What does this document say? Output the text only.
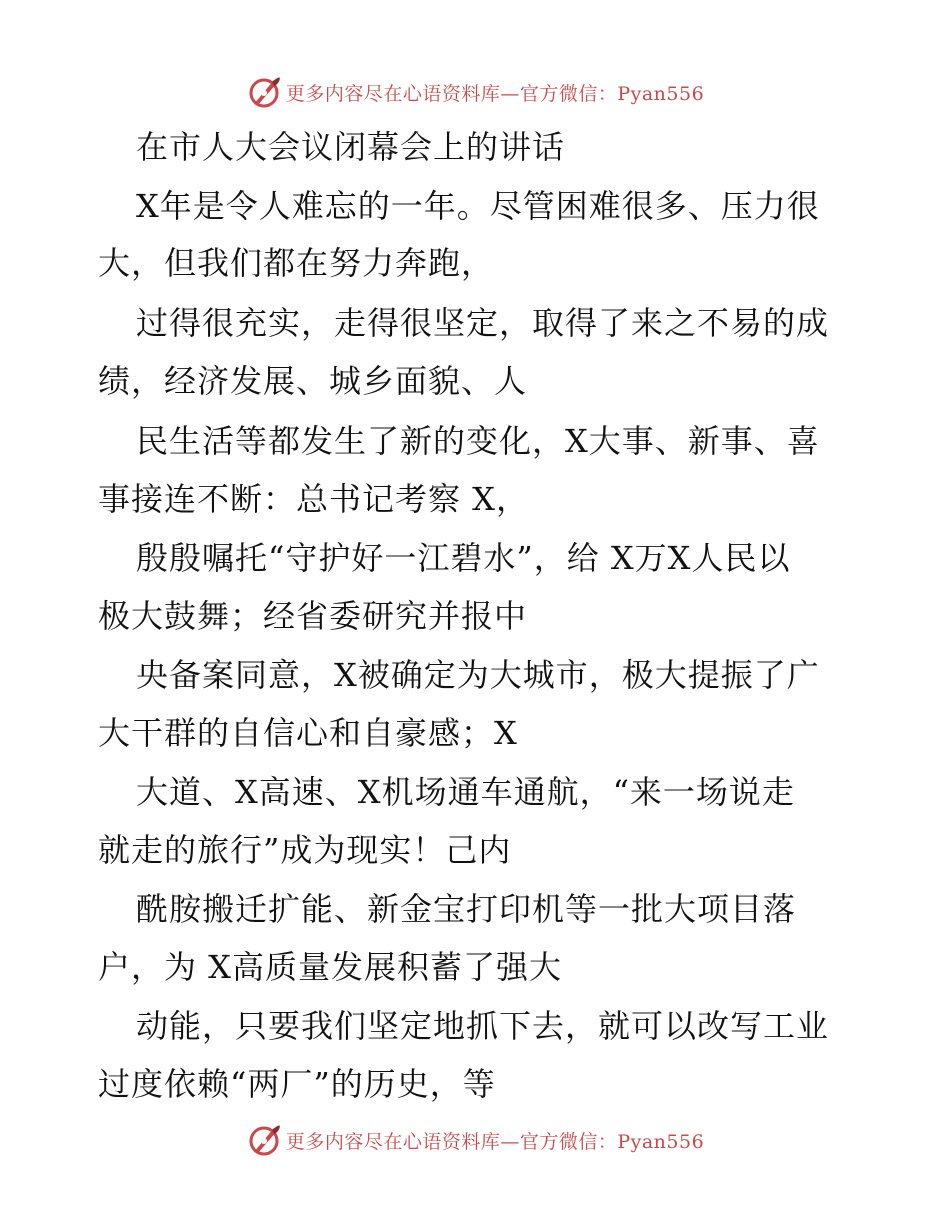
更多内容尽在心语资料库—官方微信：Pyan556
在市人大会议闭幕会上的讲话
X年是令人难忘的一年。尽管困难很多、压力很
大，但我们都在努力奔跑，
过得很充实，走得很坚定，取得了来之不易的成
绩，经济发展、城乡面貌、人
民生活等都发生了新的变化，X大事、新事、喜
事接连不断：总书记考察 X，
殷殷嘱托“守护好一江碧水”，给 X万X人民以
极大鼓舞；经省委研究并报中
央备案同意，X被确定为大城市，极大提振了广
大干群的自信心和自豪感；X
大道、X高速、X机场通车通航，“来一场说走
就走的旅行”成为现实！己内
酰胺搬迁扩能、新金宝打印机等一批大项目落
户，为 X高质量发展积蓄了强大
动能，只要我们坚定地抓下去，就可以改写工业
过度依赖“两厂”的历史，等
更多内容尽在心语资料库—官方微信：Pyan556
